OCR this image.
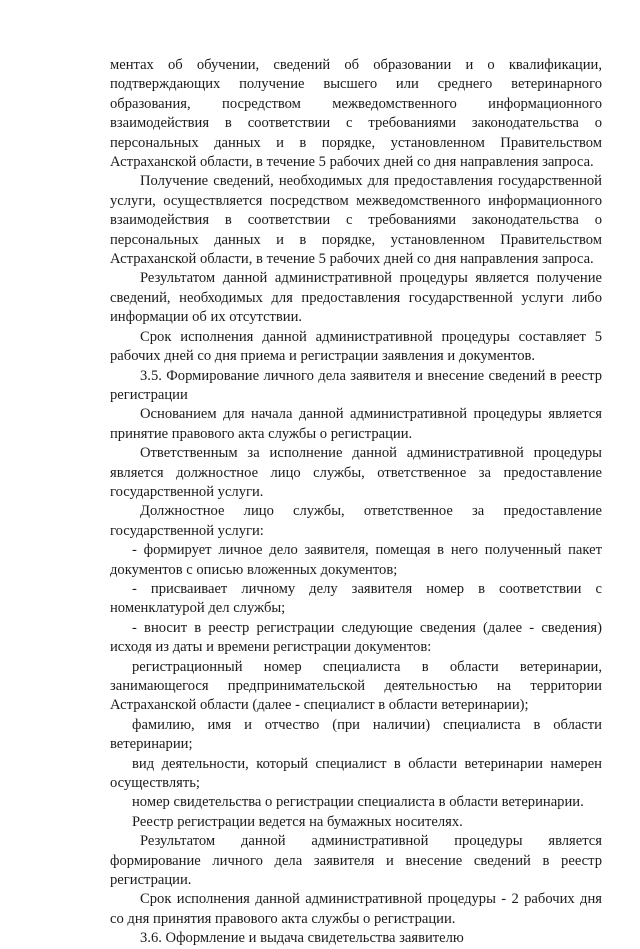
ментах об обучении, сведений об образовании и о квалификации, подтверждающих получение высшего или среднего ветеринарного образования, посредством межведомственного информационного взаимодействия в соответствии с требованиями законодательства о персональных данных и в порядке, установленном Правительством Астраханской области, в течение 5 рабочих дней со дня направления запроса.

Получение сведений, необходимых для предоставления государственной услуги, осуществляется посредством межведомственного информационного взаимодействия в соответствии с требованиями законодательства о персональных данных и в порядке, установленном Правительством Астраханской области, в течение 5 рабочих дней со дня направления запроса.

Результатом данной административной процедуры является получение сведений, необходимых для предоставления государственной услуги либо информации об их отсутствии.

Срок исполнения данной административной процедуры составляет 5 рабочих дней со дня приема и регистрации заявления и документов.

3.5. Формирование личного дела заявителя и внесение сведений в реестр регистрации

Основанием для начала данной административной процедуры является принятие правового акта службы о регистрации.

Ответственным за исполнение данной административной процедуры является должностное лицо службы, ответственное за предоставление государственной услуги.

Должностное лицо службы, ответственное за предоставление государственной услуги:

- формирует личное дело заявителя, помещая в него полученный пакет документов с описью вложенных документов;

- присваивает личному делу заявителя номер в соответствии с номенклатурой дел службы;

- вносит в реестр регистрации следующие сведения (далее - сведения) исходя из даты и времени регистрации документов:

регистрационный номер специалиста в области ветеринарии, занимающегося предпринимательской деятельностью на территории Астраханской области (далее - специалист в области ветеринарии);

фамилию, имя и отчество (при наличии) специалиста в области ветеринарии;

вид деятельности, который специалист в области ветеринарии намерен осуществлять;

номер свидетельства о регистрации специалиста в области ветеринарии.

Реестр регистрации ведется на бумажных носителях.

Результатом данной административной процедуры является формирование личного дела заявителя и внесение сведений в реестр регистрации.

Срок исполнения данной административной процедуры - 2 рабочих дня со дня принятия правового акта службы о регистрации.

3.6. Оформление и выдача свидетельства заявителю
